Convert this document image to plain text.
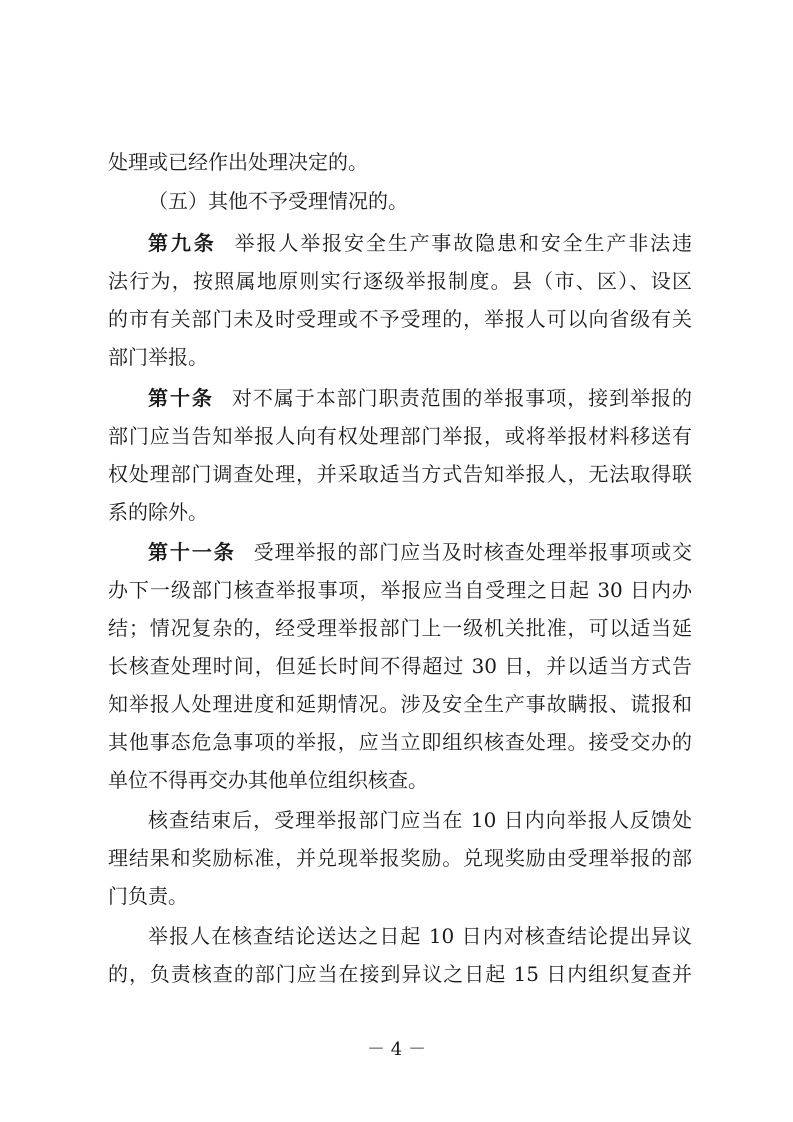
处理或已经作出处理决定的。
（五）其他不予受理情况的。
第九条 举报人举报安全生产事故隐患和安全生产非法违
法行为，按照属地原则实行逐级举报制度。县（市、区）、设区
的市有关部门未及时受理或不予受理的，举报人可以向省级有关
部门举报。
第十条 对不属于本部门职责范围的举报事项，接到举报的
部门应当告知举报人向有权处理部门举报，或将举报材料移送有
权处理部门调查处理，并采取适当方式告知举报人，无法取得联
系的除外。
第十一条 受理举报的部门应当及时核查处理举报事项或交
办下一级部门核查举报事项，举报应当自受理之日起 30 日内办
结；情况复杂的，经受理举报部门上一级机关批准，可以适当延
长核查处理时间，但延长时间不得超过 30 日，并以适当方式告
知举报人处理进度和延期情况。涉及安全生产事故瞒报、谎报和
其他事态危急事项的举报，应当立即组织核查处理。接受交办的
单位不得再交办其他单位组织核查。
核查结束后，受理举报部门应当在 10 日内向举报人反馈处
理结果和奖励标准，并兑现举报奖励。兑现奖励由受理举报的部
门负责。
举报人在核查结论送达之日起 10 日内对核查结论提出异议
的，负责核查的部门应当在接到异议之日起 15 日内组织复查并
－ 4 －
